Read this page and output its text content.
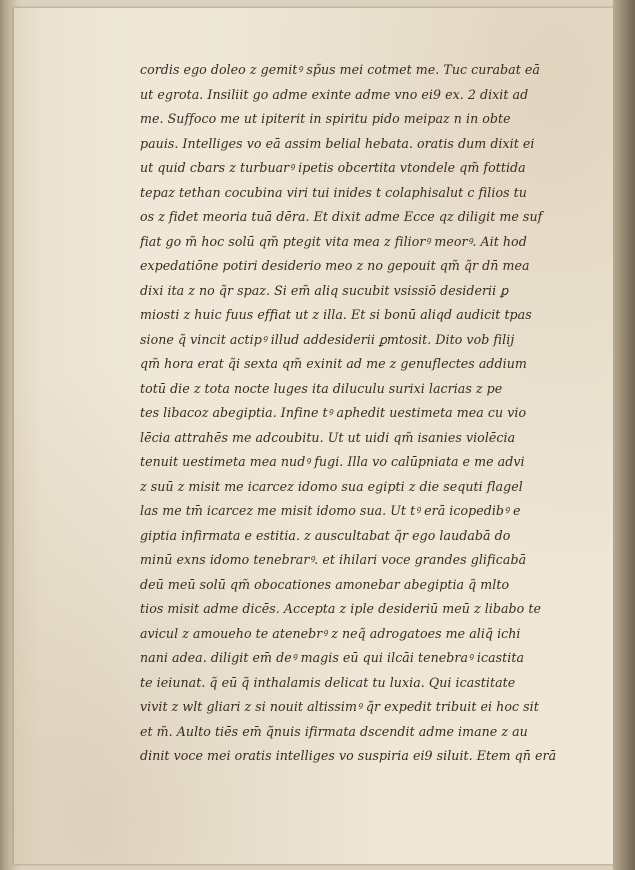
cordis ego doleo z gemitꝰ sp̃us mei cotmet me. Tuc curabat eā
ut egrota. Insiliit go adme exinte adme vno ei9 ex. 2 dixit ad
me. Suffoco me ut ipiterit in spiritu pido meipaz n in obte
pauis. Intelliges vo eā assim belial hebata. oratis dum dixit ei
ut quid cbars z turbuarꝰ ipetis obcertita vtondele qm̃ fottida
tepaz tethan cocubina viri tui inides t colaphisalut c filios tu
os z fidet meoria tuā dēra. Et dixit adme Ecce qz diligit me suf
fiat go m̃ hoc solū qm̃ ptegit vita mea z filiorꝰ meorꝰ. Ait hod
expedatiōne potiri desiderio meo z no gepouit qm̃ q̃r dn̄ mea
dixi ita z no q̃r spaz. Si em̃ aliq sucubit vsissiō desiderii ꝑ
miosti z huic fuus effiat ut z illa. Et si bonū aliqd audicit tpas
sione q̃ vincit actipꝰ illud addesiderii ꝑmtosit. Dito vob filij
qm̃ hora erat q̃i sexta qm̃ exinit ad me z genuflectes addium
totū die z tota nocte luges ita diluculu surixi lacrias z pe
tes libacoz abegiptia. Infine tꝰ aphedit uestimeta mea cu vio
lēcia attrahēs me adcoubitu. Ut ut uidi qm̃ isanies violēcia
tenuit uestimeta mea nudꝰ fugi. Illa vo calūpniata e me advi
z suū z misit me icarcez idomo sua egipti z die sequti flagel
las me tm̄ icarcez me misit idomo sua. Ut tꝰ erā icopedibꝰ e
giptia infirmata e estitia. z auscultabat q̃r ego laudabā do
minū exns idomo tenebrarꝰ. et ihilari voce grandes glificabā
deū meū solū qm̃ obocationes amonebar abegiptia q̃ mlto
tios misit adme dicēs. Accepta z iple desideriū meū z libabo te
avicul z amoueho te atenebrꝰ z neq̃ adrogatoes me aliq̃ ichi
nani adea. diligit em̄ deꝰ magis eū qui ilcāi tenebraꝰ icastita
te ieiunat. q̃ eū q̃ inthalamis delicat tu luxia. Qui icastitate
vivit z wlt gliari z si nouit altissimꝰ q̃r expedit tribuit ei hoc sit
et m̃. Aulto tiēs em̄ q̃nuis ifirmata dscendit adme imane z au
dinit voce mei oratis intelliges vo suspiria ei9 siluit. Etem qn̄ erā
